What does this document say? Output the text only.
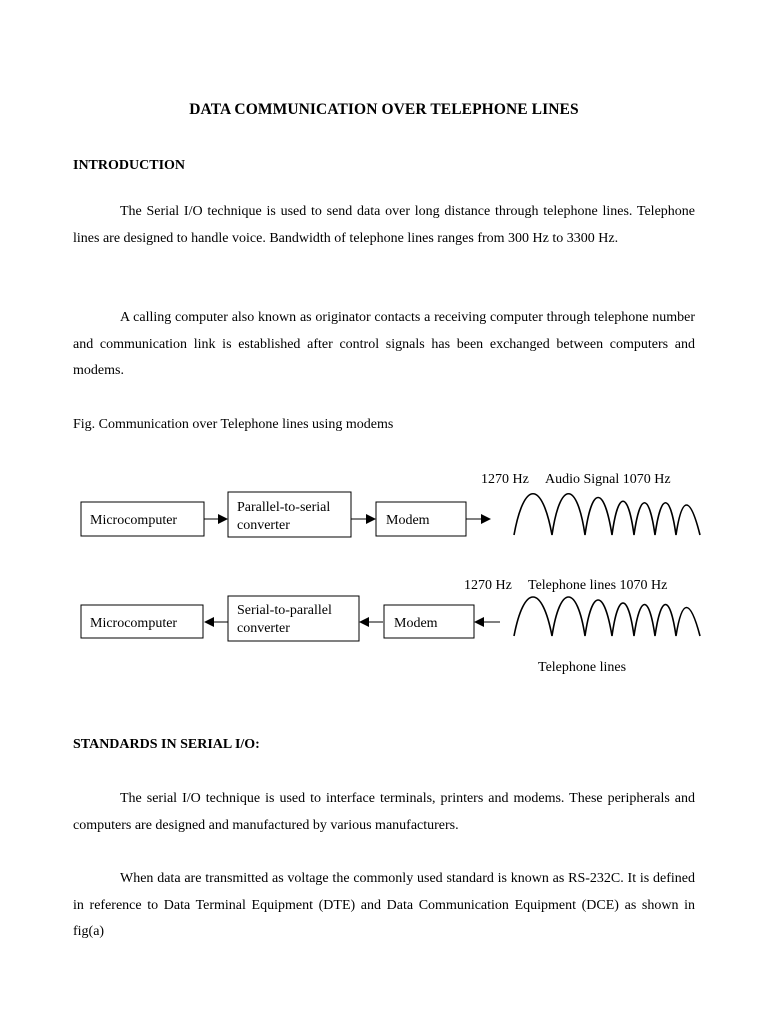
DATA COMMUNICATION OVER TELEPHONE LINES
INTRODUCTION
The Serial I/O technique is used to send data over long distance through telephone lines. Telephone lines are designed to handle voice. Bandwidth of telephone lines ranges from 300 Hz to 3300 Hz.
A calling computer also known as originator contacts a receiving computer through telephone number and communication link is established after control signals has been exchanged between computers and modems.
Fig. Communication over Telephone lines using modems
1270 Hz Audio Signal 1070 Hz
Microcomputer
Parallel-to-serial
converter	Modem
1270 Hz Telephone lines 1070 Hz
Microcomputer
Serial-to-parallel
converter	Modem
Telephone lines
STANDARDS IN SERIAL I/O:
The serial I/O technique is used to interface terminals, printers and modems. These peripherals and computers are designed and manufactured by various manufacturers.
When data are transmitted as voltage the commonly used standard is known as RS-232C. It is defined in reference to Data Terminal Equipment (DTE) and Data Communication Equipment (DCE) as shown in fig(a)
